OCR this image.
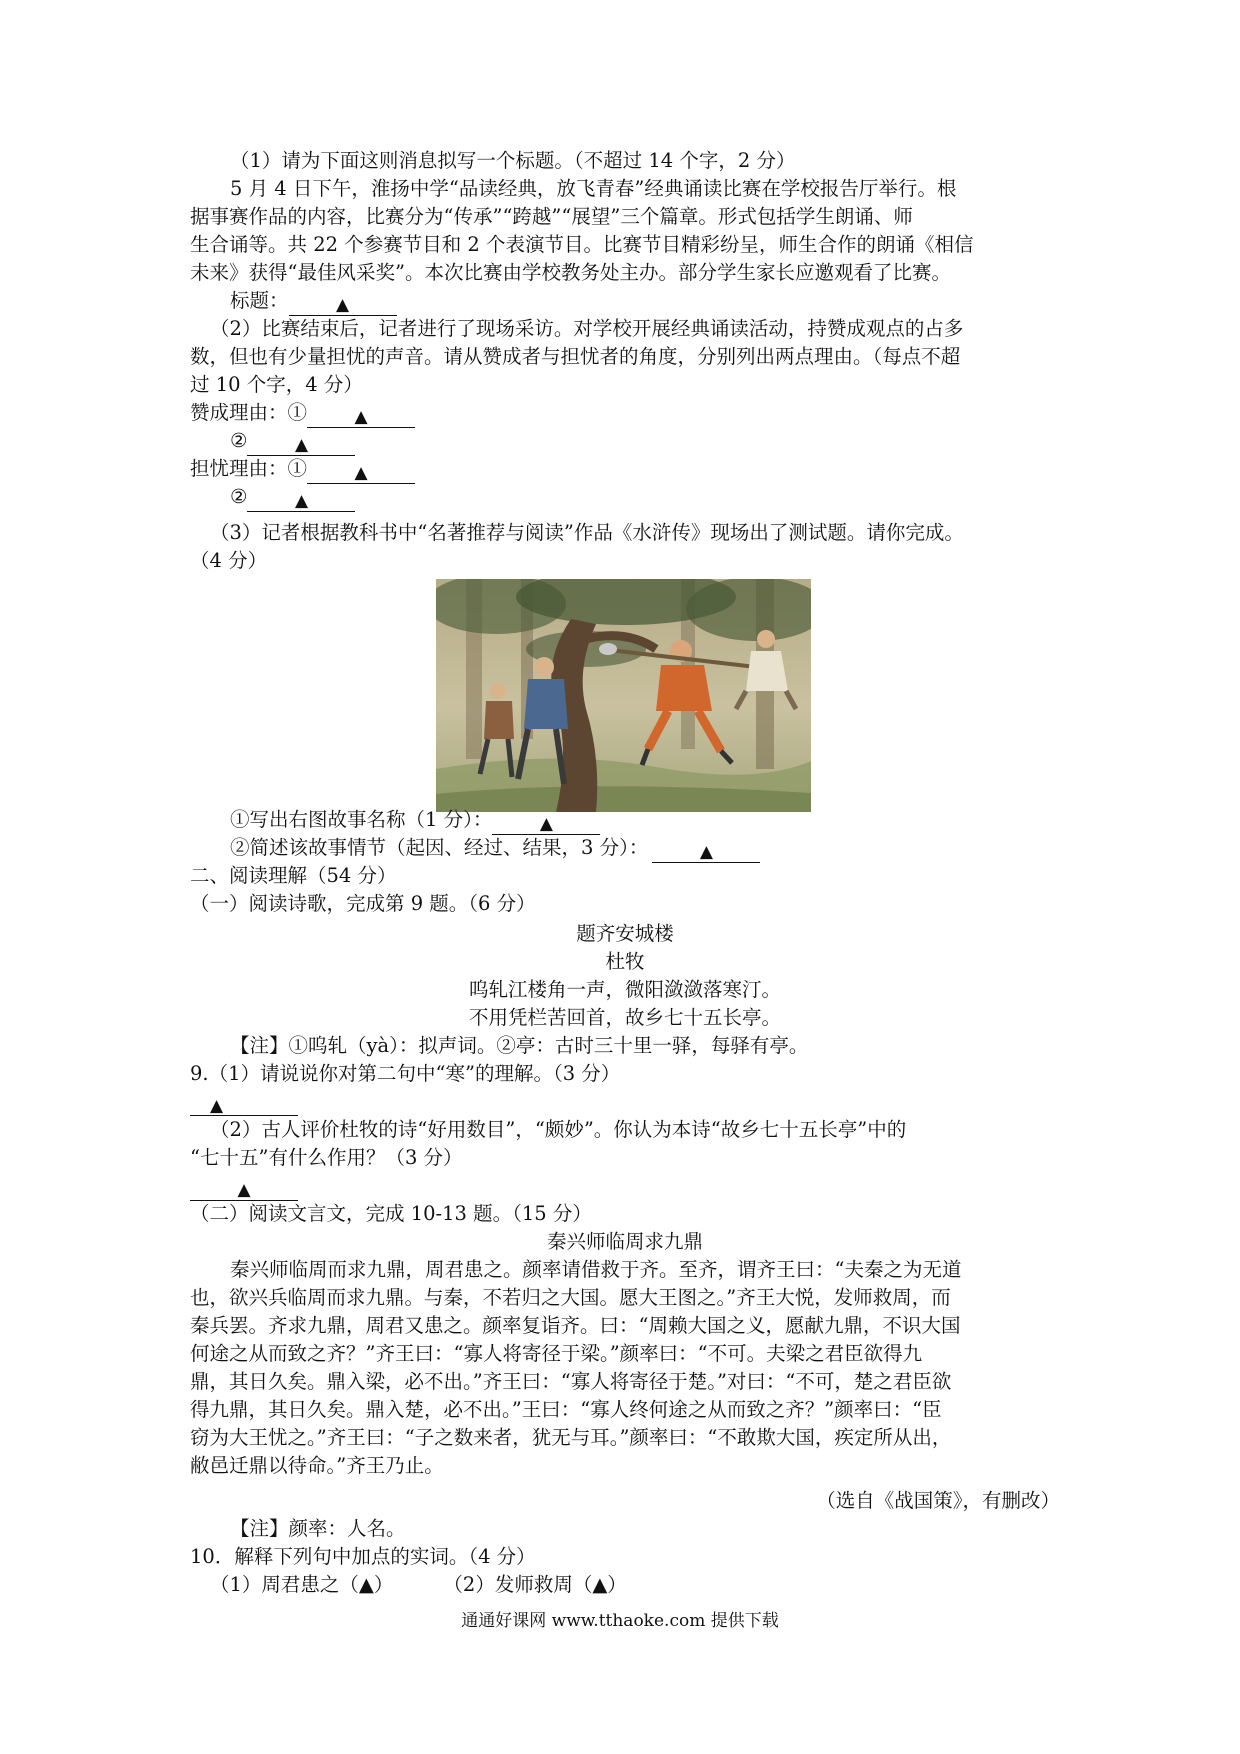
（1）请为下面这则消息拟写一个标题。（不超过 14 个字，2 分）
5 月 4 日下午，淮扬中学“品读经典，放飞青春”经典诵读比赛在学校报告厅举行。根
据事赛作品的内容，比赛分为“传承”“跨越”“展望”三个篇章。形式包括学生朗诵、师
生合诵等。共 22 个参赛节目和 2 个表演节目。比赛节目精彩纷呈，师生合作的朗诵《相信
未来》获得“最佳风采奖”。本次比赛由学校教务处主办。部分学生家长应邀观看了比赛。
标题：	▲
（2）比赛结束后，记者进行了现场采访。对学校开展经典诵读活动，持赞成观点的占多
数，但也有少量担忧的声音。请从赞成者与担忧者的角度，分别列出两点理由。（每点不超
过 10 个字，4 分）
赞成理由：①	▲
②	▲
担忧理由：①	▲
②	▲
（3）记者根据教科书中“名著推荐与阅读”作品《水浒传》现场出了测试题。请你完成。
（4 分）
①写出右图故事名称（1 分）：	▲
②简述该故事情节（起因、经过、结果，3 分）：	▲
二、阅读理解（54 分）
（一）阅读诗歌，完成第 9 题。（6 分）
题齐安城楼
杜牧
呜轧江楼角一声，微阳潋潋落寒汀。
不用凭栏苦回首，故乡七十五长亭。
【注】①呜轧（yà）：拟声词。②亭：古时三十里一驿，每驿有亭。
9.（1）请说说你对第二句中“寒”的理解。（3 分）
▲
（2）古人评价杜牧的诗“好用数目”，“颇妙”。你认为本诗“故乡七十五长亭”中的
“七十五”有什么作用？（3 分）
▲
（二）阅读文言文，完成 10-13 题。（15 分）
秦兴师临周求九鼎
秦兴师临周而求九鼎，周君患之。颜率请借救于齐。至齐，谓齐王曰：“夫秦之为无道
也，欲兴兵临周而求九鼎。与秦，不若归之大国。愿大王图之。”齐王大悦，发师救周，而
秦兵罢。齐求九鼎，周君又患之。颜率复诣齐。曰：“周赖大国之义，愿献九鼎，不识大国
何途之从而致之齐？”齐王曰：“寡人将寄径于梁。”颜率曰：“不可。夫梁之君臣欲得九
鼎，其日久矣。鼎入梁，必不出。”齐王曰：“寡人将寄径于楚。”对曰：“不可，楚之君臣欲
得九鼎，其日久矣。鼎入楚，必不出。”王曰：“寡人终何途之从而致之齐？”颜率曰：“臣
窃为大王忧之。”齐王曰：“子之数来者，犹无与耳。”颜率曰：“不敢欺大国，疾定所从出，
敝邑迁鼎以待命。”齐王乃止。
（选自《战国策》，有删改）
【注】颜率：人名。
10．解释下列句中加点的实词。（4 分）
（1）周君患之（▲）	（2）发师救周（▲）
通通好课网 www.tthaoke.com 提供下载
